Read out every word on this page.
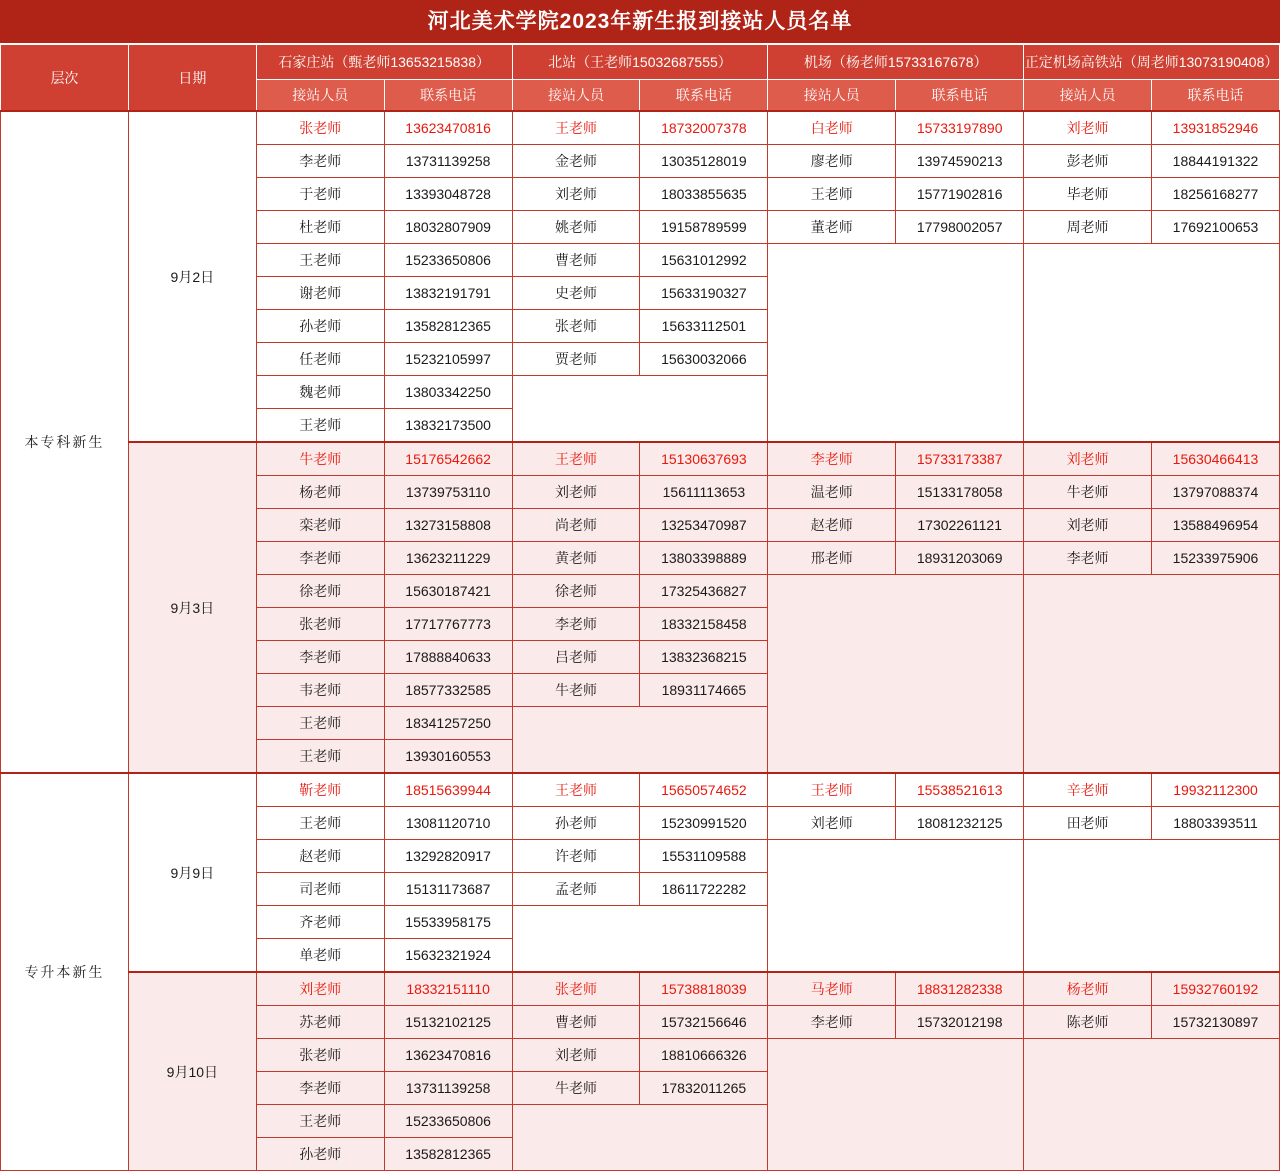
河北美术学院2023年新生报到接站人员名单
层次	日期	石家庄站（甄老师13653215838）		北站（王老师15032687555）		机场（杨老师15733167678）		正定机场高铁站（周老师13073190408）	
		接站人员	联系电话	接站人员	联系电话	接站人员	联系电话	接站人员	联系电话
本专科新生	9月2日	张老师	13623470816	王老师	18732007378	白老师	15733197890	刘老师	13931852946
		李老师	13731139258	金老师	13035128019	廖老师	13974590213	彭老师	18844191322
		于老师	13393048728	刘老师	18033855635	王老师	15771902816	毕老师	18256168277
		杜老师	18032807909	姚老师	19158789599	董老师	17798002057	周老师	17692100653
		王老师	15233650806	曹老师	15631012992				
		谢老师	13832191791	史老师	15633190327				
		孙老师	13582812365	张老师	15633112501				
		任老师	15232105997	贾老师	15630032066				
		魏老师	13803342250						
		王老师	13832173500						
	9月3日	牛老师	15176542662	王老师	15130637693	李老师	15733173387	刘老师	15630466413
		杨老师	13739753110	刘老师	15611113653	温老师	15133178058	牛老师	13797088374
		栾老师	13273158808	尚老师	13253470987	赵老师	17302261121	刘老师	13588496954
		李老师	13623211229	黄老师	13803398889	邢老师	18931203069	李老师	15233975906
		徐老师	15630187421	徐老师	17325436827				
		张老师	17717767773	李老师	18332158458				
		李老师	17888840633	吕老师	13832368215				
		韦老师	18577332585	牛老师	18931174665				
		王老师	18341257250						
		王老师	13930160553						
专升本新生	9月9日	靳老师	18515639944	王老师	15650574652	王老师	15538521613	辛老师	19932112300
		王老师	13081120710	孙老师	15230991520	刘老师	18081232125	田老师	18803393511
		赵老师	13292820917	许老师	15531109588				
		司老师	15131173687	孟老师	18611722282				
		齐老师	15533958175						
		单老师	15632321924						
	9月10日	刘老师	18332151110	张老师	15738818039	马老师	18831282338	杨老师	15932760192
		苏老师	15132102125	曹老师	15732156646	李老师	15732012198	陈老师	15732130897
		张老师	13623470816	刘老师	18810666326				
		李老师	13731139258	牛老师	17832011265				
		王老师	15233650806						
		孙老师	13582812365						
